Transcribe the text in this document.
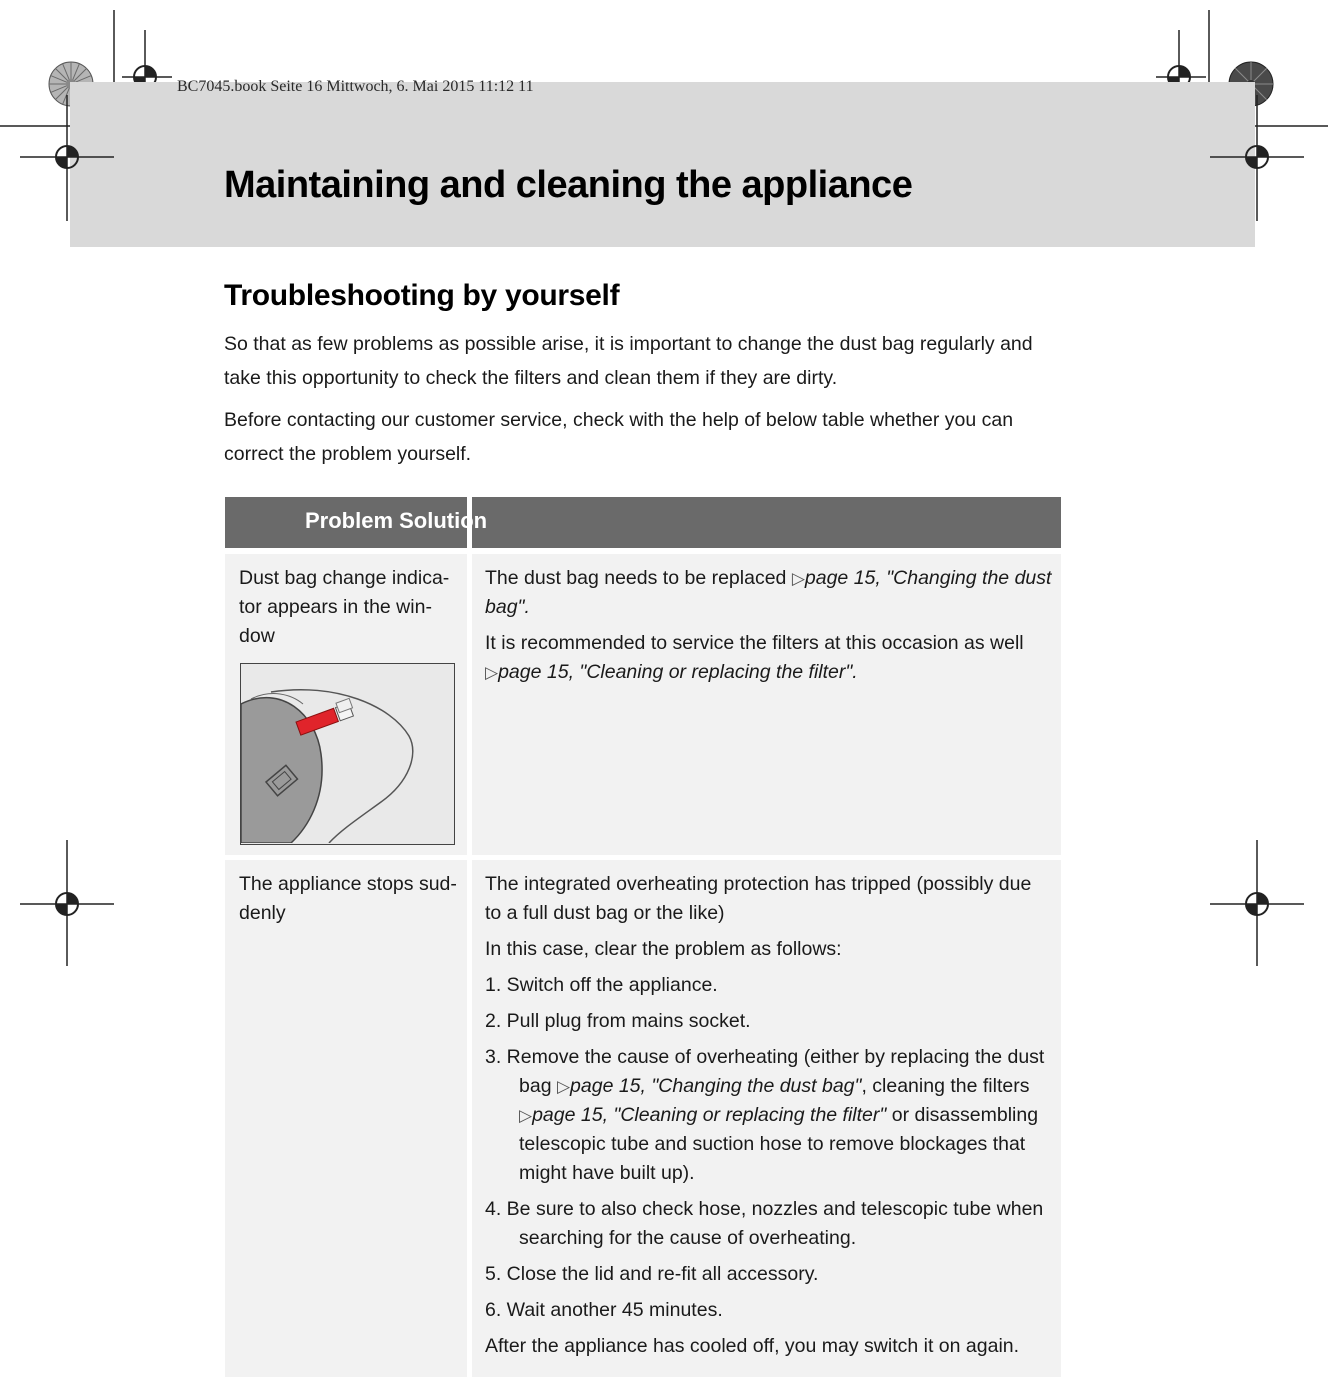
BC7045.book Seite 16 Mittwoch, 6. Mai 2015 11:12 11
Maintaining and cleaning the appliance
Troubleshooting by yourself

So that as few problems as possible arise, it is important to change the dust bag regularly and take this opportunity to check the filters and clean them if they are dirty.

Before contacting our customer service, check with the help of below table whether you can correct the problem yourself.

Problem Solution
Dust bag change indica-
tor appears in the win-
dow

The dust bag needs to be replaced ▷page 15, "Changing the dust bag".

It is recommended to service the filters at this occasion as well ▷page 15, "Cleaning or replacing the filter".

The appliance stops sud-
denly

The integrated overheating protection has tripped (possibly due to a full dust bag or the like)

In this case, clear the problem as follows:

1. Switch off the appliance.

2. Pull plug from mains socket.

3. Remove the cause of overheating (either by replacing the dust bag ▷page 15, "Changing the dust bag", cleaning the filters ▷page 15, "Cleaning or replacing the filter" or disassembling telescopic tube and suction hose to remove blockages that might have built up).

4. Be sure to also check hose, nozzles and telescopic tube when searching for the cause of overheating.

5. Close the lid and re-fit all accessory.

6. Wait another 45 minutes.

After the appliance has cooled off, you may switch it on again.
